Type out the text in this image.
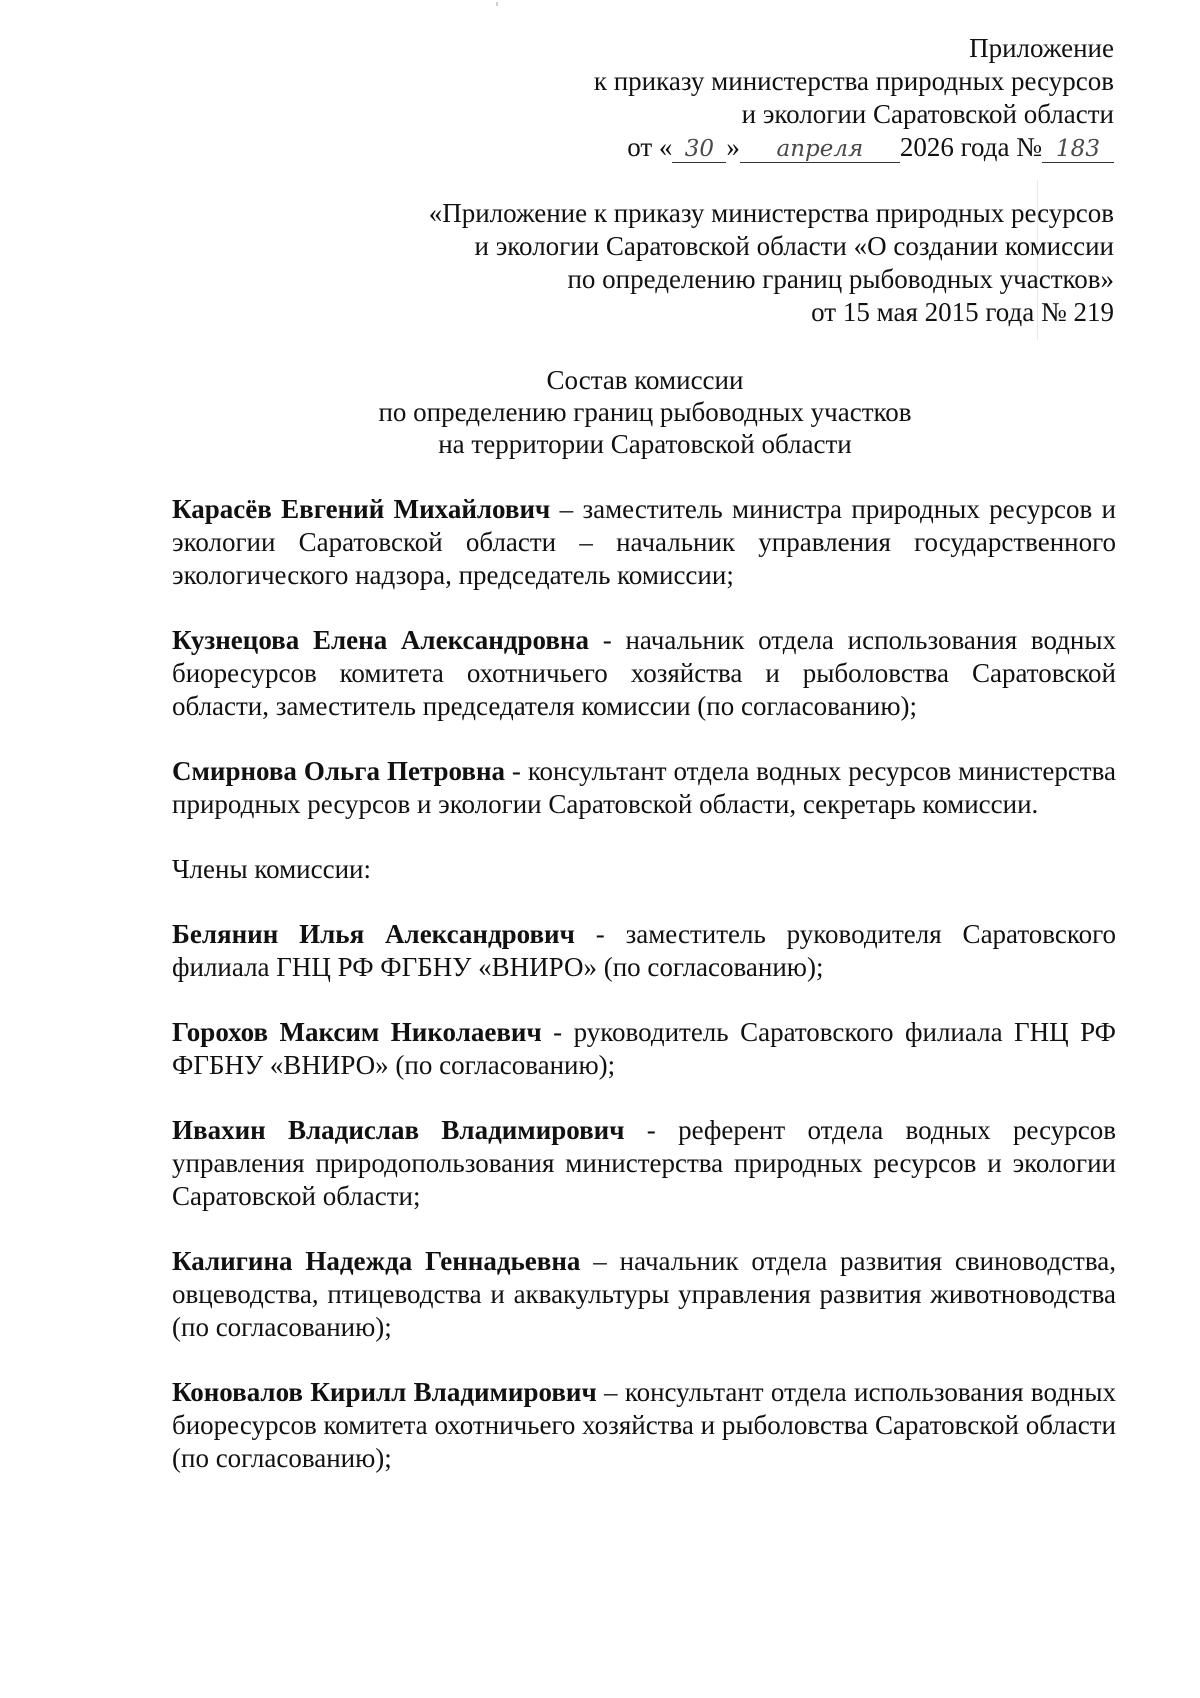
Приложение
к приказу министерства природных ресурсов
и экологии Саратовской области
от « 30 » апреля 2026 года № 183
«Приложение к приказу министерства природных ресурсов
и экологии Саратовской области «О создании комиссии
по определению границ рыбоводных участков»
от 15 мая 2015 года № 219
Состав комиссии
по определению границ рыбоводных участков
на территории Саратовской области

Карасёв Евгений Михайлович – заместитель министра природных ресурсов и экологии Саратовской области – начальник управления государственного экологического надзора, председатель комиссии;

Кузнецова Елена Александровна - начальник отдела использования водных биоресурсов комитета охотничьего хозяйства и рыболовства Саратовской области, заместитель председателя комиссии (по согласованию);

Смирнова Ольга Петровна - консультант отдела водных ресурсов министерства природных ресурсов и экологии Саратовской области, секретарь комиссии.

Члены комиссии:

Белянин Илья Александрович - заместитель руководителя Саратовского филиала ГНЦ РФ ФГБНУ «ВНИРО» (по согласованию);

Горохов Максим Николаевич - руководитель Саратовского филиала ГНЦ РФ ФГБНУ «ВНИРО» (по согласованию);

Ивахин Владислав Владимирович - референт отдела водных ресурсов управления природопользования министерства природных ресурсов и экологии Саратовской области;

Калигина Надежда Геннадьевна – начальник отдела развития свиноводства, овцеводства, птицеводства и аквакультуры управления развития животноводства (по согласованию);

Коновалов Кирилл Владимирович – консультант отдела использования водных биоресурсов комитета охотничьего хозяйства и рыболовства Саратовской области (по согласованию);
